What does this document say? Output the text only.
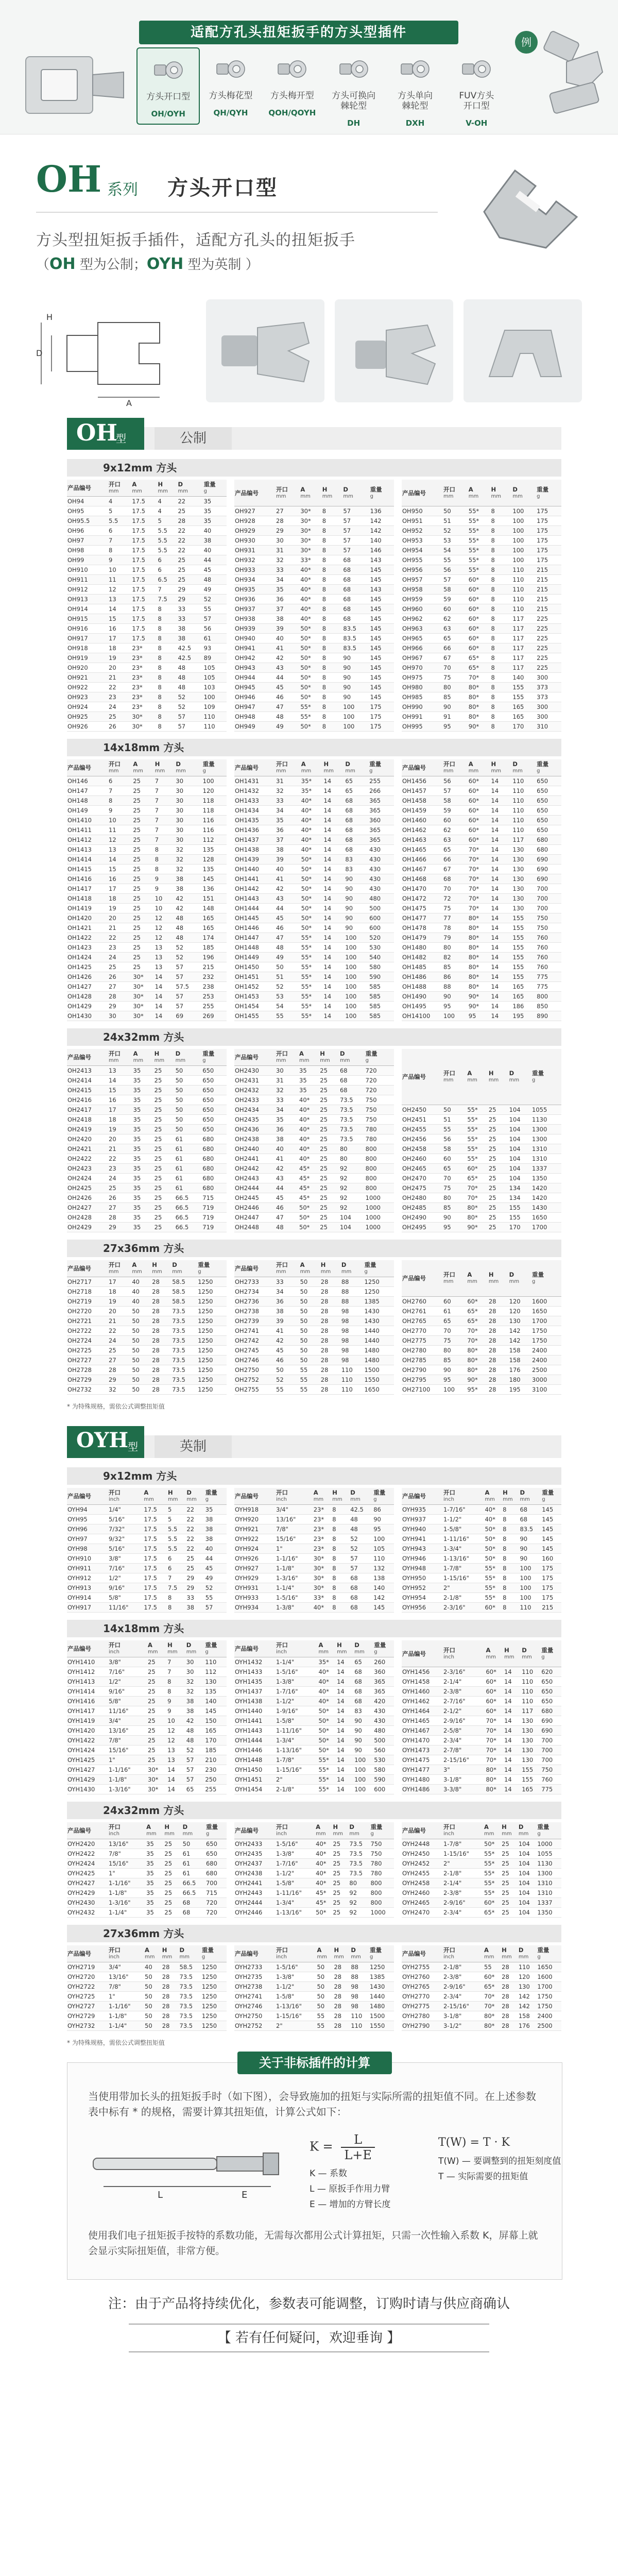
适配方孔头扭矩扳手的方头型插件
方头开口型
OH/OYH
方头梅花型
QH/QYH
方头梅开型
QOH/QOYH
方头可换向
棘轮型
DH
方头单向
棘轮型
DXH
FUV方头
开口型
V-OH
例
OH 系列 方头开口型
方头型扭矩扳手插件，适配方孔头的扭矩扳手
（OH 型为公制；OYH 型为英制 ）
H
D
A
OH
型	公制
9x12mm 方头
产品编号	开口
mm	A
mm	H
mm	D
mm	重量
g

OH94	4	17.5	4	22	35
OH95	5	17.5	4	25	35
OH95.5	5.5	17.5	5	28	35
OH96	6	17.5	5.5	22	40
OH97	7	17.5	5.5	22	38
OH98	8	17.5	5.5	22	40
OH99	9	17.5	6	25	44
OH910	10	17.5	6	25	45
OH911	11	17.5	6.5	25	48
OH912	12	17.5	7	29	49
OH913	13	17.5	7.5	29	52
OH914	14	17.5	8	33	55
OH915	15	17.5	8	33	57
OH916	16	17.5	8	38	56
OH917	17	17.5	8	38	61
OH918	18	23*	8	42.5	93
OH919	19	23*	8	42.5	89
OH920	20	23*	8	48	105
OH921	21	23*	8	48	105
OH922	22	23*	8	48	103
OH923	23	23*	8	52	100
OH924	24	23*	8	52	109
OH925	25	30*	8	57	110
OH926	26	30*	8	57	110
产品编号	开口
mm	A
mm	H
mm	D
mm	重量
g

OH927	27	30*	8	57	136
OH928	28	30*	8	57	142
OH929	29	30*	8	57	142
OH930	30	30*	8	57	140
OH931	31	30*	8	57	146
OH932	32	33*	8	68	143
OH933	33	40*	8	68	145
OH934	34	40*	8	68	145
OH935	35	40*	8	68	143
OH936	36	40*	8	68	145
OH937	37	40*	8	68	145
OH938	38	40*	8	68	145
OH939	39	50*	8	83.5	145
OH940	40	50*	8	83.5	145
OH941	41	50*	8	83.5	145
OH942	42	50*	8	90	145
OH943	43	50*	8	90	145
OH944	44	50*	8	90	145
OH945	45	50*	8	90	145
OH946	46	50*	8	90	145
OH947	47	55*	8	100	175
OH948	48	55*	8	100	175
OH949	49	50*	8	100	175
产品编号	开口
mm	A
mm	H
mm	D
mm	重量
g

OH950	50	55*	8	100	175
OH951	51	55*	8	100	175
OH952	52	55*	8	100	175
OH953	53	55*	8	100	175
OH954	54	55*	8	100	175
OH955	55	55*	8	100	175
OH956	56	55*	8	110	215
OH957	57	60*	8	110	215
OH958	58	60*	8	110	215
OH959	59	60*	8	110	215
OH960	60	60*	8	110	215
OH962	62	60*	8	117	225
OH963	63	60*	8	117	225
OH965	65	60*	8	117	225
OH966	66	60*	8	117	225
OH967	67	65*	8	117	225
OH970	70	65*	8	117	225
OH975	75	70*	8	140	300
OH980	80	80*	8	155	373
OH985	85	80*	8	155	373
OH990	90	80*	8	165	300
OH991	91	80*	8	165	300
OH995	95	90*	8	170	310
14x18mm 方头
产品编号	开口
mm	A
mm	H
mm	D
mm	重量
g

OH146	6	25	7	30	100
OH147	7	25	7	30	120
OH148	8	25	7	30	118
OH149	9	25	7	30	118
OH1410	10	25	7	30	116
OH1411	11	25	7	30	116
OH1412	12	25	7	30	112
OH1413	13	25	8	32	135
OH1414	14	25	8	32	128
OH1415	15	25	8	32	135
OH1416	16	25	9	38	145
OH1417	17	25	9	38	136
OH1418	18	25	10	42	151
OH1419	19	25	10	42	148
OH1420	20	25	12	48	165
OH1421	21	25	12	48	165
OH1422	22	25	12	48	174
OH1423	23	25	13	52	185
OH1424	24	25	13	52	196
OH1425	25	25	13	57	215
OH1426	26	30*	14	57	232
OH1427	27	30*	14	57.5	238
OH1428	28	30*	14	57	253
OH1429	29	30*	14	57	255
OH1430	30	30*	14	69	269
产品编号	开口
mm	A
mm	H
mm	D
mm	重量
g

OH1431	31	35*	14	65	255
OH1432	32	35*	14	65	266
OH1433	33	40*	14	68	365
OH1434	34	40*	14	68	365
OH1435	35	40*	14	68	360
OH1436	36	40*	14	68	365
OH1437	37	40*	14	68	365
OH1438	38	40*	14	68	430
OH1439	39	50*	14	83	430
OH1440	40	50*	14	83	430
OH1441	41	50*	14	90	430
OH1442	42	50*	14	90	430
OH1443	43	50*	14	90	480
OH1444	44	50*	14	90	500
OH1445	45	50*	14	90	600
OH1446	46	50*	14	90	600
OH1447	47	55*	14	100	520
OH1448	48	55*	14	100	530
OH1449	49	55*	14	100	540
OH1450	50	55*	14	100	580
OH1451	51	55*	14	100	590
OH1452	52	55*	14	100	585
OH1453	53	55*	14	100	585
OH1454	54	55*	14	100	585
OH1455	55	55*	14	100	585
产品编号	开口
mm	A
mm	H
mm	D
mm	重量
g

OH1456	56	60*	14	110	650
OH1457	57	60*	14	110	650
OH1458	58	60*	14	110	650
OH1459	59	60*	14	110	650
OH1460	60	60*	14	110	650
OH1462	62	60*	14	110	650
OH1463	63	60*	14	117	680
OH1465	65	70*	14	130	680
OH1466	66	70*	14	130	690
OH1467	67	70*	14	130	690
OH1468	68	70*	14	130	690
OH1470	70	70*	14	130	700
OH1472	72	70*	14	130	700
OH1475	75	70*	14	130	700
OH1477	77	80*	14	155	750
OH1478	78	80*	14	155	750
OH1479	79	80*	14	155	760
OH1480	80	80*	14	155	760
OH1482	82	80*	14	155	760
OH1485	85	80*	14	155	760
OH1486	86	80*	14	155	775
OH1488	88	80*	14	165	775
OH1490	90	90*	14	165	800
OH1495	95	90*	14	186	850
OH14100	100	95	14	195	890
24x32mm 方头
产品编号	开口
mm	A
mm	H
mm	D
mm	重量
g

OH2413	13	35	25	50	650
OH2414	14	35	25	50	650
OH2415	15	35	25	50	650
OH2416	16	35	25	50	650
OH2417	17	35	25	50	650
OH2418	18	35	25	50	650
OH2419	19	35	25	50	650
OH2420	20	35	25	61	680
OH2421	21	35	25	61	680
OH2422	22	35	25	61	680
OH2423	23	35	25	61	680
OH2424	24	35	25	61	680
OH2425	25	35	25	61	680
OH2426	26	35	25	66.5	715
OH2427	27	35	25	66.5	719
OH2428	28	35	25	66.5	719
OH2429	29	35	25	66.5	719
产品编号	开口
mm	A
mm	H
mm	D
mm	重量
g

OH2430	30	35	25	68	720
OH2431	31	35	25	68	720
OH2432	32	35	25	68	720
OH2433	33	40*	25	73.5	750
OH2434	34	40*	25	73.5	750
OH2435	35	40*	25	73.5	750
OH2436	36	40*	25	73.5	780
OH2438	38	40*	25	73.5	780
OH2440	40	40*	25	80	800
OH2441	41	40*	25	80	800
OH2442	42	45*	25	92	800
OH2443	43	45*	25	92	800
OH2444	44	45*	25	92	800
OH2445	45	45*	25	92	1000
OH2446	46	50*	25	92	1000
OH2447	47	50*	25	104	1000
OH2448	48	50*	25	104	1000
产品编号	开口
mm	A
mm	H
mm	D
mm	重量
g

OH2450	50	55*	25	104	1055
OH2451	51	55*	25	104	1130
OH2455	55	55*	25	104	1300
OH2456	56	55*	25	104	1300
OH2458	58	55*	25	104	1310
OH2460	60	55*	25	104	1310
OH2465	65	60*	25	104	1337
OH2470	70	65*	25	104	1350
OH2475	75	70*	25	134	1420
OH2480	80	70*	25	134	1420
OH2485	85	80*	25	155	1430
OH2490	90	80*	25	155	1650
OH2495	95	90*	25	170	1700
27x36mm 方头
产品编号	开口
mm	A
mm	H
mm	D
mm	重量
g

OH2717	17	40	28	58.5	1250
OH2718	18	40	28	58.5	1250
OH2719	19	40	28	58.5	1250
OH2720	20	50	28	73.5	1250
OH2721	21	50	28	73.5	1250
OH2722	22	50	28	73.5	1250
OH2724	24	50	28	73.5	1250
OH2725	25	50	28	73.5	1250
OH2727	27	50	28	73.5	1250
OH2728	28	50	28	73.5	1250
OH2729	29	50	28	73.5	1250
OH2732	32	50	28	73.5	1250
产品编号	开口
mm	A
mm	H
mm	D
mm	重量
g

OH2733	33	50	28	88	1250
OH2734	34	50	28	88	1250
OH2736	36	50	28	88	1385
OH2738	38	50	28	98	1430
OH2739	39	50	28	98	1430
OH2741	41	50	28	98	1440
OH2742	42	50	28	98	1440
OH2745	45	50	28	98	1480
OH2746	46	50	28	98	1480
OH2750	50	55	28	110	1500
OH2752	52	55	28	110	1550
OH2755	55	55	28	110	1650
产品编号	开口
mm	A
mm	H
mm	D
mm	重量
g

OH2760	60	60*	28	120	1600
OH2761	61	65*	28	120	1650
OH2765	65	65*	28	130	1700
OH2770	70	70*	28	142	1750
OH2775	75	70*	28	142	1750
OH2780	80	80*	28	158	2400
OH2785	85	80*	28	158	2400
OH2790	90	80*	28	176	2500
OH2795	95	90*	28	180	3000
OH27100	100	95*	28	195	3100
* 为特殊规格，需依公式调整扭矩值
OYH
型	英制
9x12mm 方头
产品编号	开口
inch	A
mm	H
mm	D
mm	重量
g

OYH94	1/4"	17.5	5	22	35
OYH95	5/16"	17.5	5	22	38
OYH96	7/32"	17.5	5.5	22	38
OYH97	9/32"	17.5	5.5	22	38
OYH98	5/16"	17.5	5.5	22	40
OYH910	3/8"	17.5	6	25	44
OYH911	7/16"	17.5	6	25	45
OYH912	1/2"	17.5	7	29	49
OYH913	9/16"	17.5	7.5	29	52
OYH914	5/8"	17.5	8	33	55
OYH917	11/16"	17.5	8	38	57
产品编号	开口
inch	A
mm	H
mm	D
mm	重量
g

OYH918	3/4"	23*	8	42.5	86
OYH920	13/16"	23*	8	48	90
OYH921	7/8"	23*	8	48	95
OYH922	15/16"	23*	8	52	100
OYH924	1"	23*	8	52	105
OYH926	1-1/16"	30*	8	57	110
OYH927	1-1/8"	30*	8	57	132
OYH929	1-3/16"	30*	8	68	138
OYH931	1-1/4"	30*	8	68	140
OYH933	1-5/16"	33*	8	68	142
OYH934	1-3/8"	40*	8	68	145
产品编号	开口
inch	A
mm	H
mm	D
mm	重量
g

OYH935	1-7/16"	40*	8	68	145
OYH937	1-1/2"	40*	8	68	145
OYH940	1-5/8"	50*	8	83.5	145
OYH941	1-11/16"	50*	8	90	145
OYH943	1-3/4"	50*	8	90	145
OYH946	1-13/16"	50*	8	90	160
OYH948	1-7/8"	55*	8	100	175
OYH950	1-15/16"	55*	8	100	175
OYH952	2"	55*	8	100	175
OYH954	2-1/8"	55*	8	100	175
OYH956	2-3/16"	60*	8	110	215
14x18mm 方头
产品编号	开口
inch	A
mm	H
mm	D
mm	重量
g

OYH1410	3/8"	25	7	30	110
OYH1412	7/16"	25	7	30	112
OYH1413	1/2"	25	8	32	130
OYH1414	9/16"	25	8	32	135
OYH1416	5/8"	25	9	38	140
OYH1417	11/16"	25	9	38	145
OYH1419	3/4"	25	10	42	150
OYH1420	13/16"	25	12	48	165
OYH1422	7/8"	25	12	48	170
OYH1424	15/16"	25	13	52	185
OYH1425	1"	25	13	57	210
OYH1427	1-1/16"	30*	14	57	230
OYH1429	1-1/8"	30*	14	57	250
OYH1430	1-3/16"	30*	14	65	255
产品编号	开口
inch	A
mm	H
mm	D
mm	重量
g

OYH1432	1-1/4"	35*	14	65	260
OYH1433	1-5/16"	40*	14	68	360
OYH1435	1-3/8"	40*	14	68	365
OYH1437	1-7/16"	40*	14	68	365
OYH1438	1-1/2"	40*	14	68	420
OYH1440	1-9/16"	50*	14	83	430
OYH1441	1-5/8"	50*	14	90	430
OYH1443	1-11/16"	50*	14	90	480
OYH1444	1-3/4"	50*	14	90	500
OYH1446	1-13/16"	50*	14	90	560
OYH1448	1-7/8"	55*	14	100	530
OYH1450	1-15/16"	55*	14	100	580
OYH1451	2"	55*	14	100	590
OYH1454	2-1/8"	55*	14	100	600
产品编号	开口
inch	A
mm	H
mm	D
mm	重量
g

OYH1456	2-3/16"	60*	14	110	620
OYH1458	2-1/4"	60*	14	110	650
OYH1460	2-3/8"	60*	14	110	650
OYH1462	2-7/16"	60*	14	110	650
OYH1464	2-1/2"	60*	14	117	680
OYH1465	2-9/16"	70*	14	130	690
OYH1467	2-5/8"	70*	14	130	690
OYH1470	2-3/4"	70*	14	130	700
OYH1473	2-7/8"	70*	14	130	700
OYH1475	2-15/16"	70*	14	130	700
OYH1477	3"	80*	14	155	750
OYH1480	3-1/8"	80*	14	155	760
OYH1486	3-3/8"	80*	14	165	775
24x32mm 方头
产品编号	开口
inch	A
mm	H
mm	D
mm	重量
g

OYH2420	13/16"	35	25	50	650
OYH2422	7/8"	35	25	61	650
OYH2424	15/16"	35	25	61	680
OYH2425	1"	35	25	61	680
OYH2427	1-1/16"	35	25	66.5	700
OYH2429	1-1/8"	35	25	66.5	715
OYH2430	1-3/16"	35	25	68	720
OYH2432	1-1/4"	35	25	68	720
产品编号	开口
inch	A
mm	H
mm	D
mm	重量
g

OYH2433	1-5/16"	40*	25	73.5	750
OYH2435	1-3/8"	40*	25	73.5	750
OYH2437	1-7/16"	40*	25	73.5	780
OYH2438	1-1/2"	40*	25	73.5	780
OYH2441	1-5/8"	40*	25	80	800
OYH2443	1-11/16"	45*	25	92	800
OYH2444	1-3/4"	45*	25	92	800
OYH2446	1-13/16"	50*	25	92	1000
产品编号	开口
inch	A
mm	H
mm	D
mm	重量
g

OYH2448	1-7/8"	50*	25	104	1000
OYH2450	1-15/16"	55*	25	104	1055
OYH2452	2"	55*	25	104	1130
OYH2455	2-1/8"	55*	25	104	1300
OYH2458	2-1/4"	55*	25	104	1310
OYH2460	2-3/8"	55*	25	104	1310
OYH2465	2-9/16"	60*	25	104	1337
OYH2470	2-3/4"	65*	25	104	1350
27x36mm 方头
产品编号	开口
inch	A
mm	H
mm	D
mm	重量
g

OYH2719	3/4"	40	28	58.5	1250
OYH2720	13/16"	50	28	73.5	1250
OYH2722	7/8"	50	28	73.5	1250
OYH2725	1"	50	28	73.5	1250
OYH2727	1-1/16"	50	28	73.5	1250
OYH2729	1-1/8"	50	28	73.5	1250
OYH2732	1-1/4"	50	28	73.5	1250
产品编号	开口
inch	A
mm	H
mm	D
mm	重量
g

OYH2733	1-5/16"	50	28	88	1250
OYH2735	1-3/8"	50	28	88	1385
OYH2738	1-1/2"	50	28	98	1430
OYH2741	1-5/8"	50	28	98	1440
OYH2746	1-13/16"	50	28	98	1480
OYH2750	1-15/16"	55	28	110	1500
OYH2752	2"	55	28	110	1550
产品编号	开口
inch	A
mm	H
mm	D
mm	重量
g

OYH2755	2-1/8"	55	28	110	1650
OYH2760	2-3/8"	60*	28	120	1600
OYH2765	2-9/16"	65*	28	130	1700
OYH2770	2-3/4"	70*	28	142	1750
OYH2775	2-15/16"	70*	28	142	1750
OYH2780	3-1/8"	80*	28	158	2400
OYH2790	3-1/2"	80*	28	176	2500
* 为特殊规格，需依公式调整扭矩值
关于非标插件的计算
当使用带加长头的扭矩扳手时（如下图），会导致施加的扭矩与实际所需的扭矩值不同。在上述参数表中标有 * 的规格，需要计算其扭矩值，计算公式如下：
L	E
$K = \frac{L}{L+E}$
K — 系数
L — 原扳手作用力臂
E — 增加的方臂长度
T(W) = T · K
T(W) — 要调整到的扭矩刻度值
T — 实际需要的扭矩值
使用我们电子扭矩扳手按特的系数功能，无需每次都用公式计算扭矩，只需一次性输入系数 K，屏幕上就会显示实际扭矩值，非常方便。
注：由于产品将持续优化，参数表可能调整，订购时请与供应商确认
【 若有任何疑问，欢迎垂询 】
